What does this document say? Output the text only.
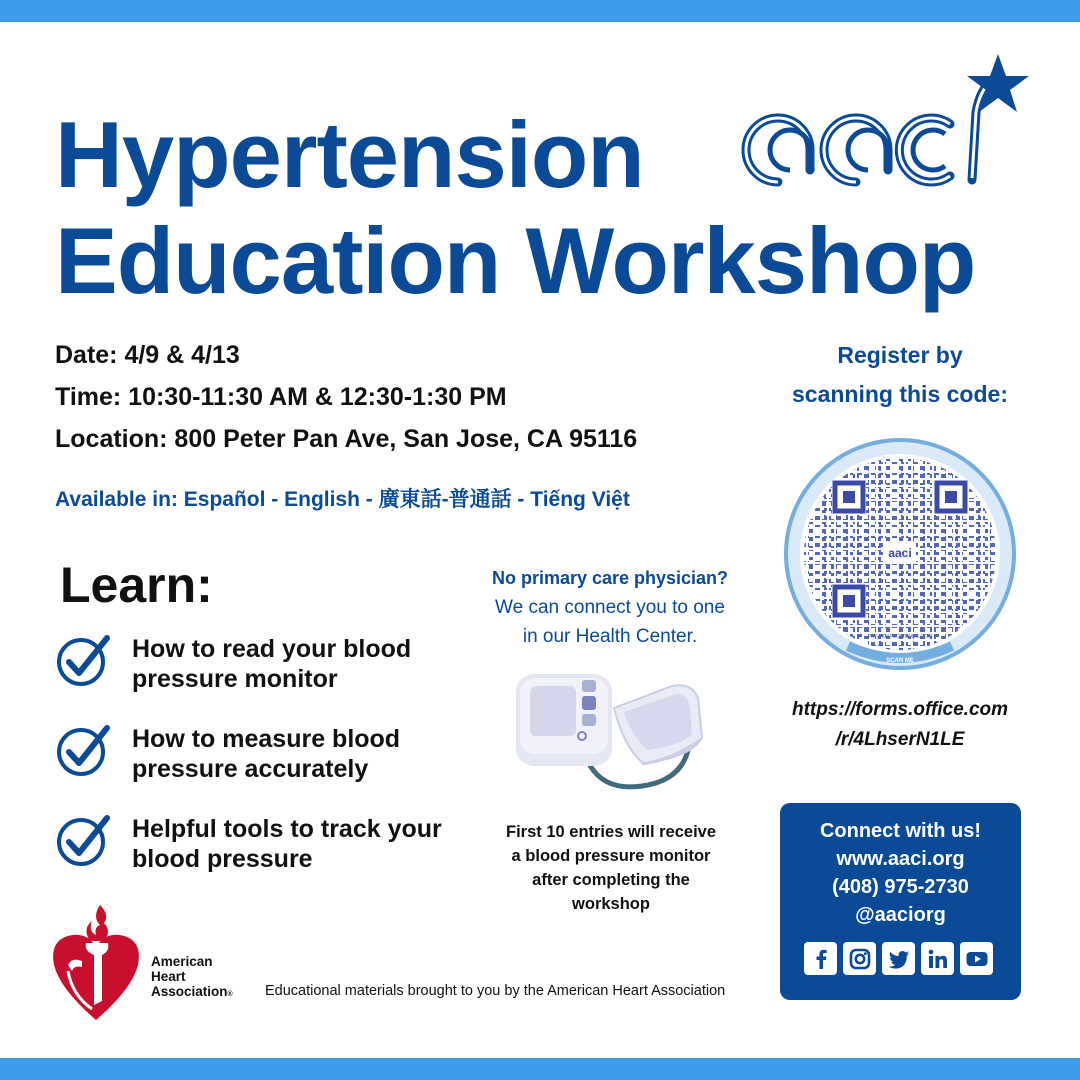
Hypertension
Education Workshop
Date: 4/9 & 4/13
Time: 10:30-11:30 AM & 12:30-1:30 PM
Location: 800 Peter Pan Ave, San Jose, CA 95116
Available in: Español - English - 廣東話-普通話 - Tiếng Việt
Learn:
How to read your blood pressure monitor
How to measure blood pressure accurately
Helpful tools to track your blood pressure
No primary care physician?
We can connect you to one
in our Health Center.
First 10 entries will receive a blood pressure monitor after completing the workshop
Register by
scanning this code:
aaci
SCAN ME
PRIVACY.FLOWCODE.COM
https://forms.office.com
/r/4LhserN1LE
Connect with us!
www.aaci.org
(408) 975-2730
@aaciorg
American
Heart
Association® Educational materials brought to you by the American Heart Association
